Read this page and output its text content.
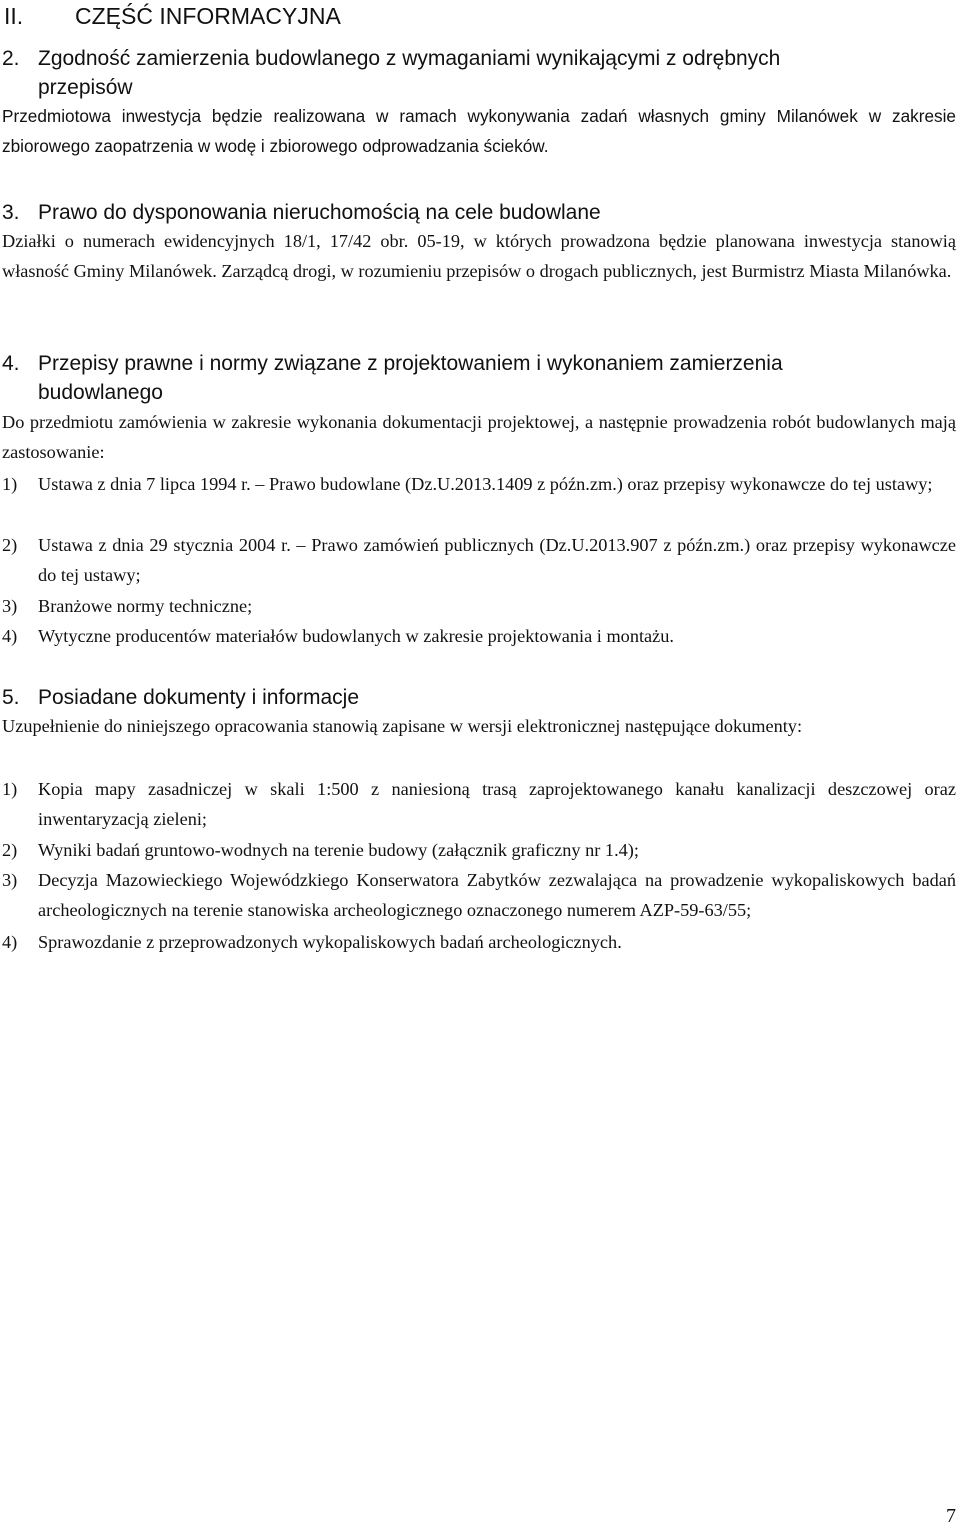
II. CZĘŚĆ INFORMACYJNA
2. Zgodność zamierzenia budowlanego z wymaganiami wynikającymi z odrębnych
przepisów
Przedmiotowa inwestycja będzie realizowana w ramach wykonywania zadań własnych gminy Milanówek w zakresie zbiorowego zaopatrzenia w wodę i zbiorowego odprowadzania ścieków.
3. Prawo do dysponowania nieruchomością na cele budowlane
Działki o numerach ewidencyjnych 18/1, 17/42 obr. 05-19, w których prowadzona będzie planowana inwestycja stanowią własność Gminy Milanówek. Zarządcą drogi, w rozumieniu przepisów o drogach publicznych, jest Burmistrz Miasta Milanówka.
4. Przepisy prawne i normy związane z projektowaniem i wykonaniem zamierzenia
budowlanego
Do przedmiotu zamówienia w zakresie wykonania dokumentacji projektowej, a następnie prowadzenia robót budowlanych mają zastosowanie:
1)	Ustawa z dnia 7 lipca 1994 r. – Prawo budowlane (Dz.U.2013.1409 z późn.zm.) oraz przepisy wykonawcze do tej ustawy;
2)	Ustawa z dnia 29 stycznia 2004 r. – Prawo zamówień publicznych (Dz.U.2013.907 z późn.zm.) oraz przepisy wykonawcze do tej ustawy;
3)	Branżowe normy techniczne;
4)	Wytyczne producentów materiałów budowlanych w zakresie projektowania i montażu.
5. Posiadane dokumenty i informacje
Uzupełnienie do niniejszego opracowania stanowią zapisane w wersji elektronicznej następujące dokumenty:
1)	Kopia mapy zasadniczej w skali 1:500 z naniesioną trasą zaprojektowanego kanału kanalizacji deszczowej oraz inwentaryzacją zieleni;
2)	Wyniki badań gruntowo-wodnych na terenie budowy (załącznik graficzny nr 1.4);
3)	Decyzja Mazowieckiego Wojewódzkiego Konserwatora Zabytków zezwalająca na prowadzenie wykopaliskowych badań archeologicznych na terenie stanowiska archeologicznego oznaczonego numerem AZP-59-63/55;
4)	Sprawozdanie z przeprowadzonych wykopaliskowych badań archeologicznych.
7
